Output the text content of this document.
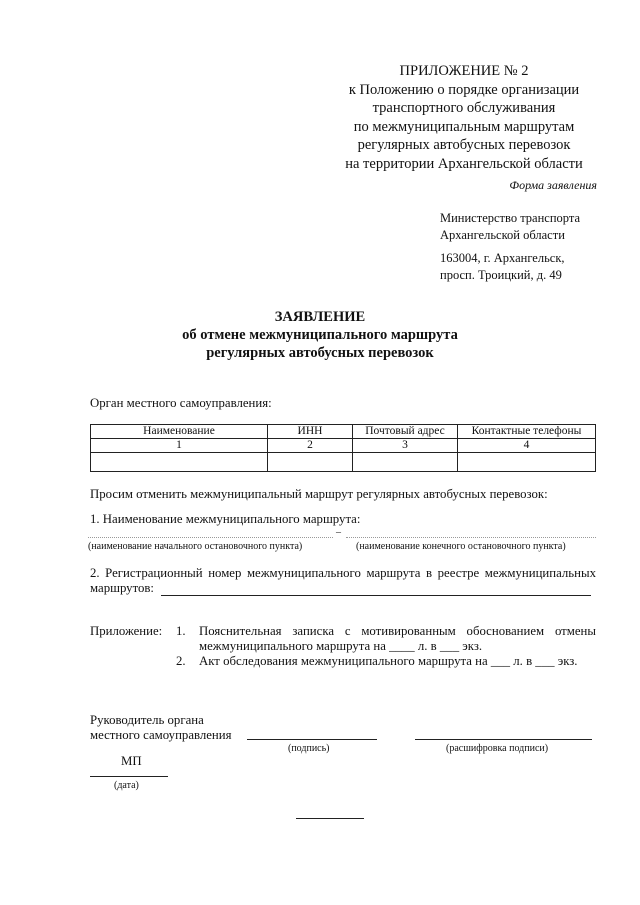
ПРИЛОЖЕНИЕ № 2
к Положению о порядке организации
транспортного обслуживания
по межмуниципальным маршрутам
регулярных автобусных перевозок
на территории Архангельской области
Форма заявления
Министерство транспорта
Архангельской области
163004, г. Архангельск,
просп. Троицкий, д. 49
ЗАЯВЛЕНИЕ
об отмене межмуниципального маршрута
регулярных автобусных перевозок
Орган местного самоуправления:
Наименование	ИНН	Почтовый адрес	Контактные телефоны
1	2	3	4

Просим отменить межмуниципальный маршрут регулярных автобусных перевозок:
1. Наименование межмуниципального маршрута:
–
(наименование начального остановочного пункта)	(наименование конечного остановочного пункта)
2. Регистрационный номер межмуниципального маршрута в реестре межмуниципальных
маршрутов:
Приложение: 1. Пояснительная записка с мотивированным обоснованием отмены
межмуниципального маршрута на ____ л. в ___ экз.
2. Акт обследования межмуниципального маршрута на ___ л. в ___ экз.
Руководитель органа
местного самоуправления
(подпись)	(расшифровка подписи)
МП
(дата)
